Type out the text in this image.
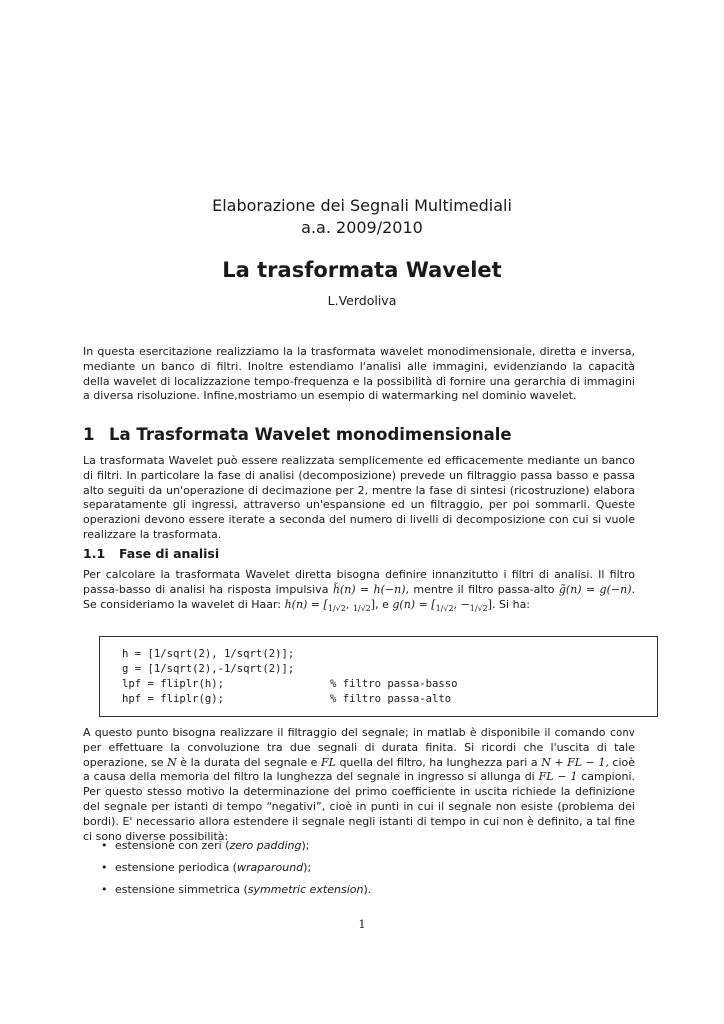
Elaborazione dei Segnali Multimediali
a.a. 2009/2010
La trasformata Wavelet
L.Verdoliva
In questa esercitazione realizziamo la la trasformata wavelet monodimensionale, diretta e inversa, mediante un banco di filtri. Inoltre estendiamo l'analisi alle immagini, evidenziando la capacità della wavelet di localizzazione tempo-frequenza e la possibilità di fornire una gerarchia di immagini a diversa risoluzione. Infine,mostriamo un esempio di watermarking nel dominio wavelet.
1 La Trasformata Wavelet monodimensionale
La trasformata Wavelet può essere realizzata semplicemente ed efficacemente mediante un banco di filtri. In particolare la fase di analisi (decomposizione) prevede un filtraggio passa basso e passa alto seguiti da un'operazione di decimazione per 2, mentre la fase di sintesi (ricostruzione) elabora separatamente gli ingressi, attraverso un'espansione ed un filtraggio, per poi sommarli. Queste operazioni devono essere iterate a seconda del numero di livelli di decomposizione con cui si vuole realizzare la trasformata.
1.1 Fase di analisi
Per calcolare la trasformata Wavelet diretta bisogna definire innanzitutto i filtri di analisi. Il filtro passa-basso di analisi ha risposta impulsiva h̃(n) = h(−n), mentre il filtro passa-alto g̃(n) = g(−n). Se consideriamo la wavelet di Haar: h(n) = [1/√2, 1/√2], e g(n) = [1/√2, −1/√2]. Si ha:
h = [1/sqrt(2), 1/sqrt(2)];
g = [1/sqrt(2),-1/sqrt(2)];
lpf = fliplr(h);	% filtro passa-basso
hpf = fliplr(g);	% filtro passa-alto
A questo punto bisogna realizzare il filtraggio del segnale; in matlab è disponibile il comando conv per effettuare la convoluzione tra due segnali di durata finita. Si ricordi che l'uscita di tale operazione, se N è la durata del segnale e FL quella del filtro, ha lunghezza pari a N + FL − 1, cioè a causa della memoria del filtro la lunghezza del segnale in ingresso si allunga di FL − 1 campioni. Per questo stesso motivo la determinazione del primo coefficiente in uscita richiede la definizione del segnale per istanti di tempo “negativi”, cioè in punti in cui il segnale non esiste (problema dei bordi). E' necessario allora estendere il segnale negli istanti di tempo in cui non è definito, a tal fine ci sono diverse possibilità:
• estensione con zeri (zero padding);
• estensione periodica (wraparound);
• estensione simmetrica (symmetric extension).
1
